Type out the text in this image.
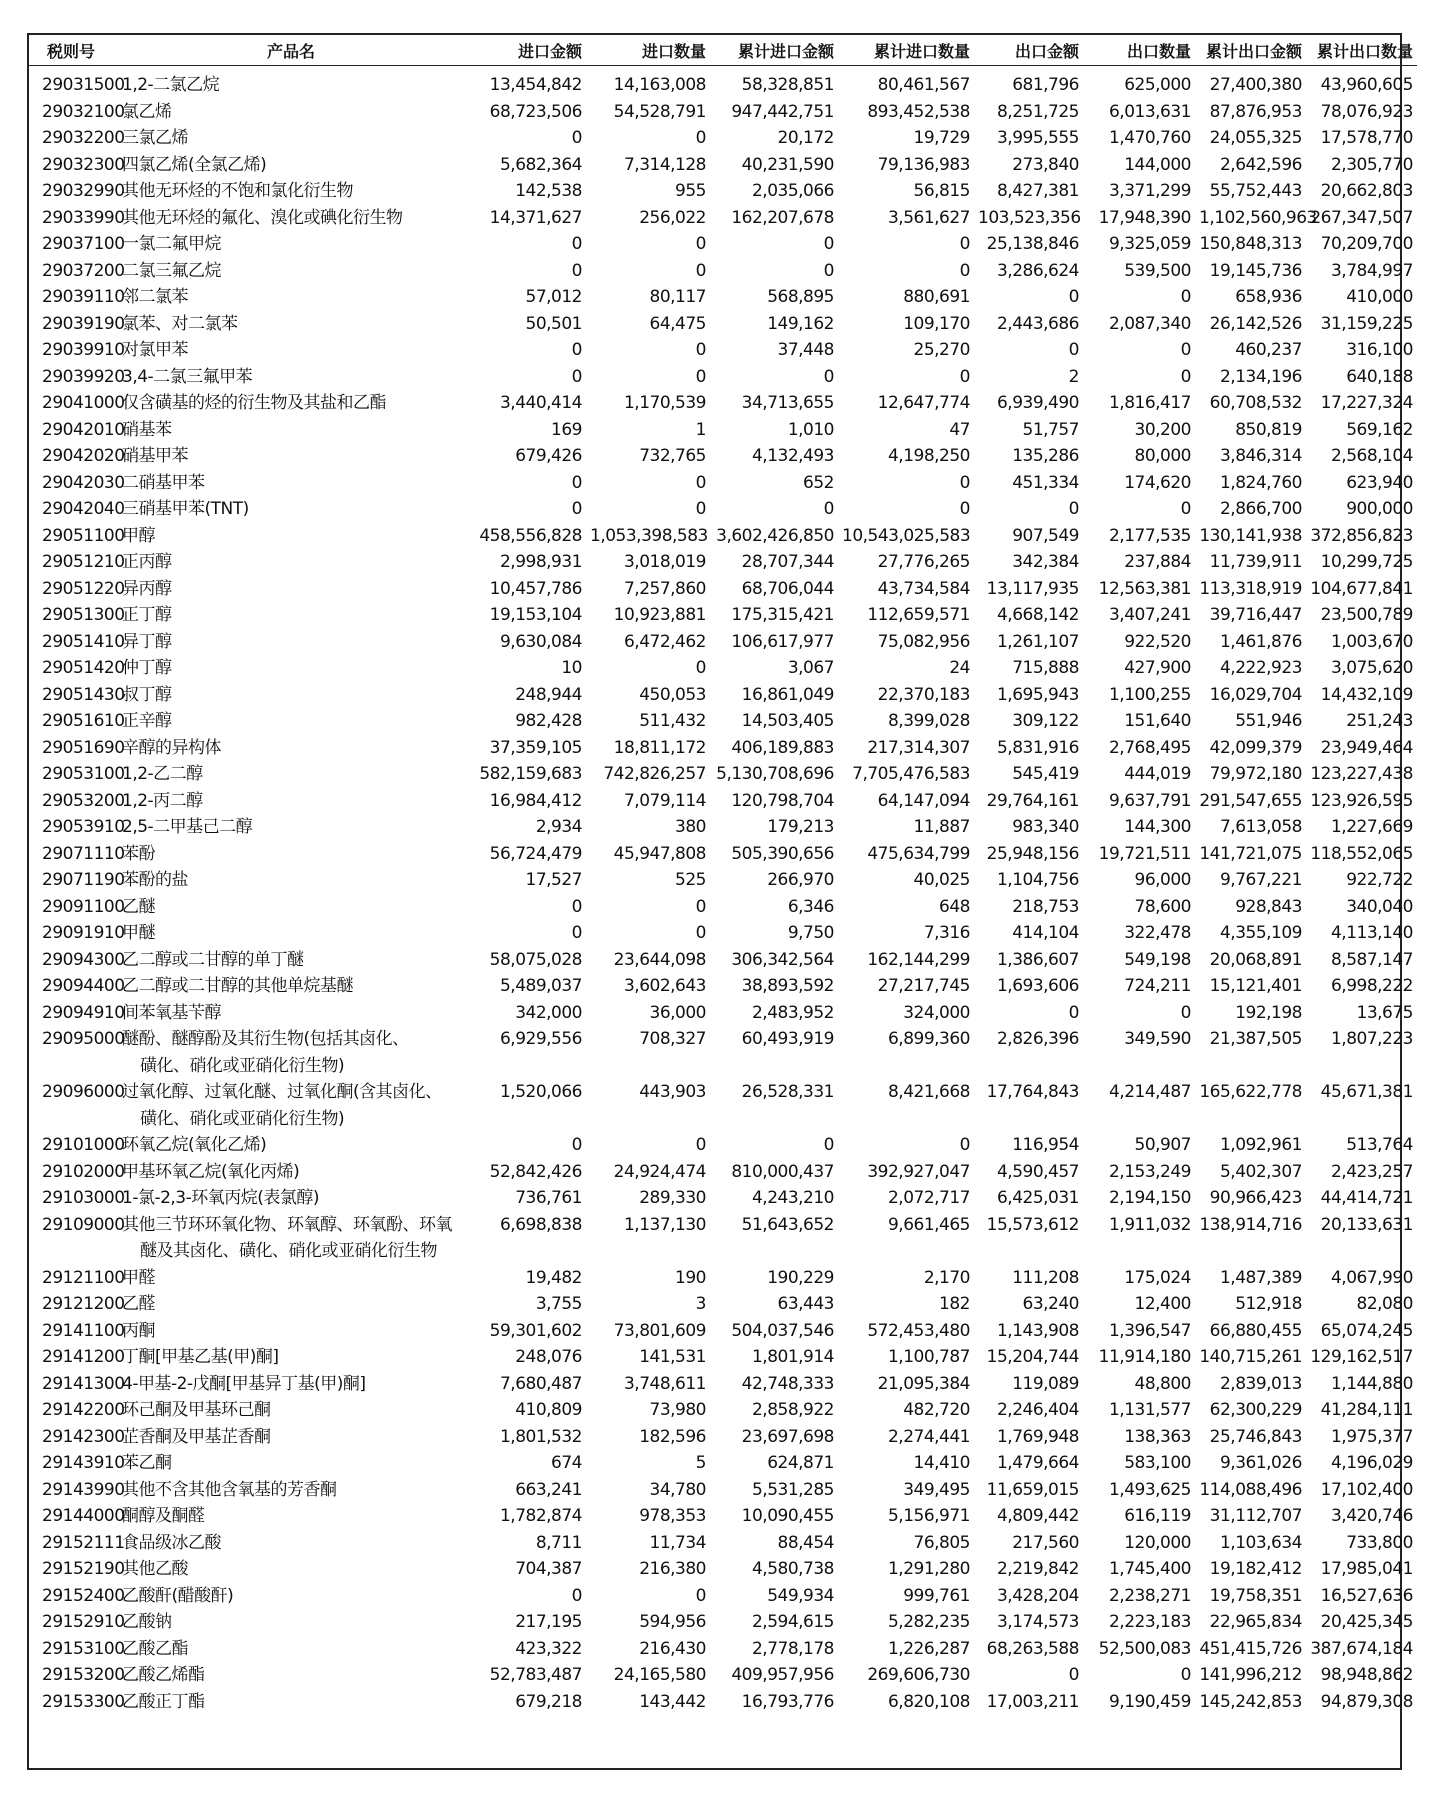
税则号	产品名	进口金额	进口数量	累计进口金额	累计进口数量	出口金额	出口数量	累计出口金额	累计出口数量
29031500	1,2-二氯乙烷	13,454,842	14,163,008	58,328,851	80,461,567	681,796	625,000	27,400,380	43,960,605
29032100	氯乙烯	68,723,506	54,528,791	947,442,751	893,452,538	8,251,725	6,013,631	87,876,953	78,076,923
29032200	三氯乙烯	0	0	20,172	19,729	3,995,555	1,470,760	24,055,325	17,578,770
29032300	四氯乙烯(全氯乙烯)	5,682,364	7,314,128	40,231,590	79,136,983	273,840	144,000	2,642,596	2,305,770
29032990	其他无环烃的不饱和氯化衍生物	142,538	955	2,035,066	56,815	8,427,381	3,371,299	55,752,443	20,662,803
29033990	其他无环烃的氟化、溴化或碘化衍生物	14,371,627	256,022	162,207,678	3,561,627	103,523,356	17,948,390	1,102,560,963	267,347,507
29037100	一氯二氟甲烷	0	0	0	0	25,138,846	9,325,059	150,848,313	70,209,700
29037200	二氯三氟乙烷	0	0	0	0	3,286,624	539,500	19,145,736	3,784,997
29039110	邻二氯苯	57,012	80,117	568,895	880,691	0	0	658,936	410,000
29039190	氯苯、对二氯苯	50,501	64,475	149,162	109,170	2,443,686	2,087,340	26,142,526	31,159,225
29039910	对氯甲苯	0	0	37,448	25,270	0	0	460,237	316,100
29039920	3,4-二氯三氟甲苯	0	0	0	0	2	0	2,134,196	640,188
29041000	仅含磺基的烃的衍生物及其盐和乙酯	3,440,414	1,170,539	34,713,655	12,647,774	6,939,490	1,816,417	60,708,532	17,227,324
29042010	硝基苯	169	1	1,010	47	51,757	30,200	850,819	569,162
29042020	硝基甲苯	679,426	732,765	4,132,493	4,198,250	135,286	80,000	3,846,314	2,568,104
29042030	二硝基甲苯	0	0	652	0	451,334	174,620	1,824,760	623,940
29042040	三硝基甲苯(TNT)	0	0	0	0	0	0	2,866,700	900,000
29051100	甲醇	458,556,828	1,053,398,583	3,602,426,850	10,543,025,583	907,549	2,177,535	130,141,938	372,856,823
29051210	正丙醇	2,998,931	3,018,019	28,707,344	27,776,265	342,384	237,884	11,739,911	10,299,725
29051220	异丙醇	10,457,786	7,257,860	68,706,044	43,734,584	13,117,935	12,563,381	113,318,919	104,677,841
29051300	正丁醇	19,153,104	10,923,881	175,315,421	112,659,571	4,668,142	3,407,241	39,716,447	23,500,789
29051410	异丁醇	9,630,084	6,472,462	106,617,977	75,082,956	1,261,107	922,520	1,461,876	1,003,670
29051420	仲丁醇	10	0	3,067	24	715,888	427,900	4,222,923	3,075,620
29051430	叔丁醇	248,944	450,053	16,861,049	22,370,183	1,695,943	1,100,255	16,029,704	14,432,109
29051610	正辛醇	982,428	511,432	14,503,405	8,399,028	309,122	151,640	551,946	251,243
29051690	辛醇的异构体	37,359,105	18,811,172	406,189,883	217,314,307	5,831,916	2,768,495	42,099,379	23,949,464
29053100	1,2-乙二醇	582,159,683	742,826,257	5,130,708,696	7,705,476,583	545,419	444,019	79,972,180	123,227,438
29053200	1,2-丙二醇	16,984,412	7,079,114	120,798,704	64,147,094	29,764,161	9,637,791	291,547,655	123,926,595
29053910	2,5-二甲基己二醇	2,934	380	179,213	11,887	983,340	144,300	7,613,058	1,227,669
29071110	苯酚	56,724,479	45,947,808	505,390,656	475,634,799	25,948,156	19,721,511	141,721,075	118,552,065
29071190	苯酚的盐	17,527	525	266,970	40,025	1,104,756	96,000	9,767,221	922,722
29091100	乙醚	0	0	6,346	648	218,753	78,600	928,843	340,040
29091910	甲醚	0	0	9,750	7,316	414,104	322,478	4,355,109	4,113,140
29094300	乙二醇或二甘醇的单丁醚	58,075,028	23,644,098	306,342,564	162,144,299	1,386,607	549,198	20,068,891	8,587,147
29094400	乙二醇或二甘醇的其他单烷基醚	5,489,037	3,602,643	38,893,592	27,217,745	1,693,606	724,211	15,121,401	6,998,222
29094910	间苯氧基苄醇	342,000	36,000	2,483,952	324,000	0	0	192,198	13,675
29095000	醚酚、醚醇酚及其衍生物(包括其卤化、
磺化、硝化或亚硝化衍生物)	6,929,556	708,327	60,493,919	6,899,360	2,826,396	349,590	21,387,505	1,807,223
29096000	过氧化醇、过氧化醚、过氧化酮(含其卤化、
磺化、硝化或亚硝化衍生物)	1,520,066	443,903	26,528,331	8,421,668	17,764,843	4,214,487	165,622,778	45,671,381
29101000	环氧乙烷(氧化乙烯)	0	0	0	0	116,954	50,907	1,092,961	513,764
29102000	甲基环氧乙烷(氧化丙烯)	52,842,426	24,924,474	810,000,437	392,927,047	4,590,457	2,153,249	5,402,307	2,423,257
29103000	1-氯-2,3-环氧丙烷(表氯醇)	736,761	289,330	4,243,210	2,072,717	6,425,031	2,194,150	90,966,423	44,414,721
29109000	其他三节环环氧化物、环氧醇、环氧酚、环氧
醚及其卤化、磺化、硝化或亚硝化衍生物	6,698,838	1,137,130	51,643,652	9,661,465	15,573,612	1,911,032	138,914,716	20,133,631
29121100	甲醛	19,482	190	190,229	2,170	111,208	175,024	1,487,389	4,067,990
29121200	乙醛	3,755	3	63,443	182	63,240	12,400	512,918	82,080
29141100	丙酮	59,301,602	73,801,609	504,037,546	572,453,480	1,143,908	1,396,547	66,880,455	65,074,245
29141200	丁酮[甲基乙基(甲)酮]	248,076	141,531	1,801,914	1,100,787	15,204,744	11,914,180	140,715,261	129,162,517
29141300	4-甲基-2-戊酮[甲基异丁基(甲)酮]	7,680,487	3,748,611	42,748,333	21,095,384	119,089	48,800	2,839,013	1,144,880
29142200	环己酮及甲基环己酮	410,809	73,980	2,858,922	482,720	2,246,404	1,131,577	62,300,229	41,284,111
29142300	芷香酮及甲基芷香酮	1,801,532	182,596	23,697,698	2,274,441	1,769,948	138,363	25,746,843	1,975,377
29143910	苯乙酮	674	5	624,871	14,410	1,479,664	583,100	9,361,026	4,196,029
29143990	其他不含其他含氧基的芳香酮	663,241	34,780	5,531,285	349,495	11,659,015	1,493,625	114,088,496	17,102,400
29144000	酮醇及酮醛	1,782,874	978,353	10,090,455	5,156,971	4,809,442	616,119	31,112,707	3,420,746
29152111	食品级冰乙酸	8,711	11,734	88,454	76,805	217,560	120,000	1,103,634	733,800
29152190	其他乙酸	704,387	216,380	4,580,738	1,291,280	2,219,842	1,745,400	19,182,412	17,985,041
29152400	乙酸酐(醋酸酐)	0	0	549,934	999,761	3,428,204	2,238,271	19,758,351	16,527,636
29152910	乙酸钠	217,195	594,956	2,594,615	5,282,235	3,174,573	2,223,183	22,965,834	20,425,345
29153100	乙酸乙酯	423,322	216,430	2,778,178	1,226,287	68,263,588	52,500,083	451,415,726	387,674,184
29153200	乙酸乙烯酯	52,783,487	24,165,580	409,957,956	269,606,730	0	0	141,996,212	98,948,862
29153300	乙酸正丁酯	679,218	143,442	16,793,776	6,820,108	17,003,211	9,190,459	145,242,853	94,879,308
